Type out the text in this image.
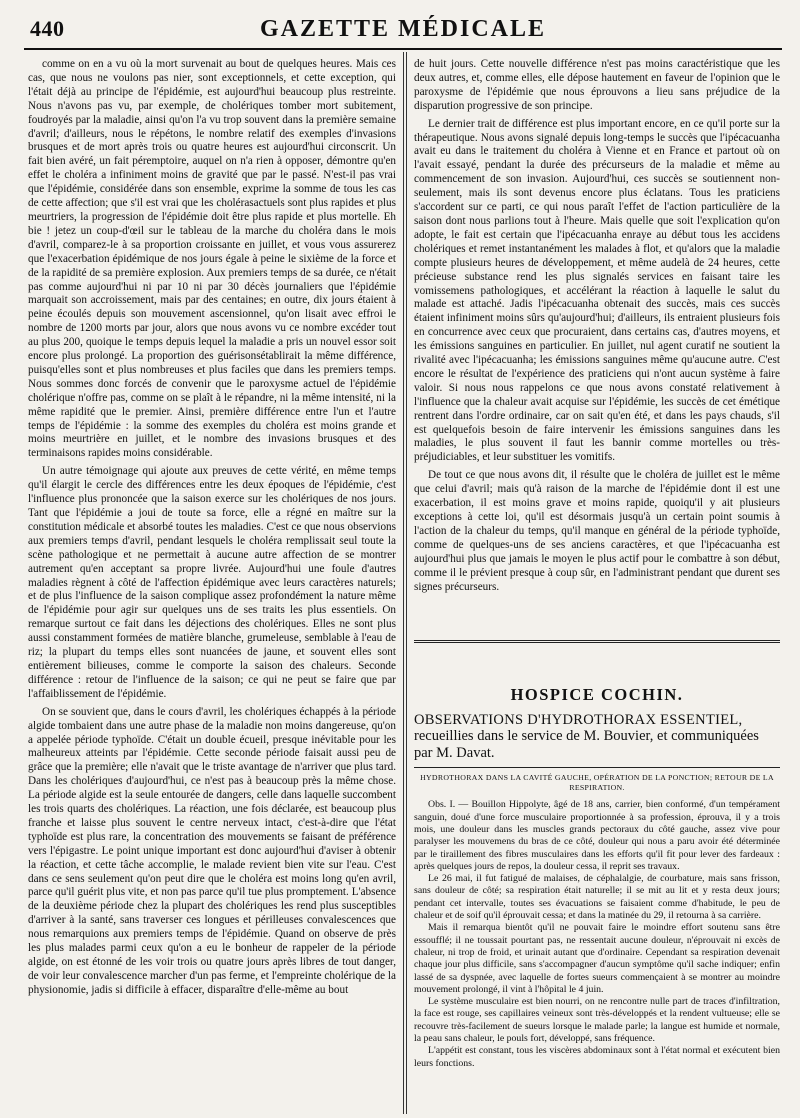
440	GAZETTE MÉDICALE

comme on en a vu où la mort survenait au bout de quelques heures. Mais ces cas, que nous ne voulons pas nier, sont exceptionnels, et cette exception, qui l'était déjà au principe de l'épidémie, est aujourd'hui beaucoup plus restreinte. Nous n'avons pas vu, par exemple, de cholériques tomber mort subitement, foudroyés par la maladie, ainsi qu'on l'a vu trop souvent dans la première semaine d'avril; d'ailleurs, nous le répétons, le nombre relatif des exemples d'invasions brusques et de mort après trois ou quatre heures est aujourd'hui circonscrit. Un fait bien avéré, un fait péremptoire, auquel on n'a rien à opposer, démontre qu'en effet le choléra a infiniment moins de gravité que par le passé. N'est-il pas vrai que l'épidémie, considérée dans son ensemble, exprime la somme de tous les cas de cette affection; que s'il est vrai que les cholérasactuels sont plus rapides et plus meurtriers, la progression de l'épidémie doit être plus rapide et plus mortelle. Eh bie ! jetez un coup-d'œil sur le tableau de la marche du choléra dans le mois d'avril, comparez-le à sa proportion croissante en juillet, et vous vous assurerez que l'exacerbation épidémique de nos jours égale à peine le sixième de la force et de la rapidité de sa première explosion. Aux premiers temps de sa durée, ce n'était pas comme aujourd'hui ni par 10 ni par 30 décès journaliers que l'épidémie marquait son accroissement, mais par des centaines; en outre, dix jours étaient à peine écoulés depuis son mouvement ascensionnel, qu'on lisait avec effroi le nombre de 1200 morts par jour, alors que nous avons vu ce nombre excéder tout au plus 200, quoique le temps depuis lequel la maladie a pris un nouvel essor soit encore plus prolongé. La proportion des guérisonsétablirait la même différence, puisqu'elles sont et plus nombreuses et plus faciles que dans les premiers temps. Nous sommes donc forcés de convenir que le paroxysme actuel de l'épidémie cholérique n'offre pas, comme on se plaît à le répandre, ni la même intensité, ni la même rapidité que le premier. Ainsi, première différence entre l'un et l'autre temps de l'épidémie : la somme des exemples du choléra est moins grande et moins meurtrière en juillet, et le nombre des invasions brusques et des terminaisons rapides moins considérable.

Un autre témoignage qui ajoute aux preuves de cette vérité, en même temps qu'il élargit le cercle des différences entre les deux époques de l'épidémie, c'est l'influence plus prononcée que la saison exerce sur les cholériques de nos jours. Tant que l'épidémie a joui de toute sa force, elle a régné en maître sur la constitution médicale et absorbé toutes les maladies. C'est ce que nous observions aux premiers temps d'avril, pendant lesquels le choléra remplissait seul toute la scène pathologique et ne permettait à aucune autre affection de se montrer autrement qu'en acceptant sa propre livrée. Aujourd'hui une foule d'autres maladies règnent à côté de l'affection épidémique avec leurs caractères naturels; et de plus l'influence de la saison complique assez profondément la nature même de l'épidémie pour agir sur quelques uns de ses traits les plus essentiels. On remarque surtout ce fait dans les déjections des cholériques. Elles ne sont plus aussi constamment formées de matière blanche, grumeleuse, semblable à l'eau de riz; la plupart du temps elles sont nuancées de jaune, et souvent elles sont entièrement bilieuses, comme le comporte la saison des chaleurs. Seconde différence : retour de l'influence de la saison; ce qui ne peut se faire que par l'affaiblissement de l'épidémie.

On se souvient que, dans le cours d'avril, les cholériques échappés à la période algide tombaient dans une autre phase de la maladie non moins dangereuse, qu'on a appelée période typhoïde. C'était un double écueil, presque inévitable pour les malheureux atteints par l'épidémie. Cette seconde période faisait aussi peu de grâce que la première; elle n'avait que le triste avantage de n'arriver que plus tard. Dans les cholériques d'aujourd'hui, ce n'est pas à beaucoup près la même chose. La période algide est la seule entourée de dangers, celle dans laquelle succombent les trois quarts des cholériques. La réaction, une fois déclarée, est beaucoup plus franche et laisse plus souvent le centre nerveux intact, c'est-à-dire que l'état typhoïde est plus rare, la concentration des mouvements se faisant de préférence vers l'épigastre. Le point unique important est donc aujourd'hui d'aviser à obtenir la réaction, et cette tâche accomplie, le malade revient bien vite sur l'eau. C'est dans ce sens seulement qu'on peut dire que le choléra est moins long qu'en avril, parce qu'il guérit plus vite, et non pas parce qu'il tue plus promptement. L'absence de la deuxième période chez la plupart des cholériques les rend plus susceptibles d'arriver à la santé, sans traverser ces longues et périlleuses convalescences que nous remarquions aux premiers temps de l'épidémie. Quand on observe de près les plus malades parmi ceux qu'on a eu le bonheur de rappeler de la période algide, on est étonné de les voir trois ou quatre jours après libres de tout danger, de voir leur convalescence marcher d'un pas ferme, et l'empreinte cholérique de la physionomie, jadis si difficile à effacer, disparaître d'elle-même au bout

de huit jours. Cette nouvelle différence n'est pas moins caractéristique que les deux autres, et, comme elles, elle dépose hautement en faveur de l'opinion que le paroxysme de l'épidémie que nous éprouvons a lieu sans préjudice de la disparution progressive de son principe.

Le dernier trait de différence est plus important encore, en ce qu'il porte sur la thérapeutique. Nous avons signalé depuis long-temps le succès que l'ipécacuanha avait eu dans le traitement du choléra à Vienne et en France et partout où on l'avait essayé, pendant la durée des précurseurs de la maladie et même au commencement de son invasion. Aujourd'hui, ces succès se soutiennent non-seulement, mais ils sont devenus encore plus éclatans. Tous les praticiens s'accordent sur ce parti, ce qui nous paraît l'effet de l'action particulière de la saison dont nous parlions tout à l'heure. Mais quelle que soit l'explication qu'on adopte, le fait est certain que l'ipécacuanha enraye au début tous les accidens cholériques et remet instantanément les malades à flot, et qu'alors que la maladie compte plusieurs heures de développement, et même audelà de 24 heures, cette précieuse substance rend les plus signalés services en faisant taire les vomissemens pathologiques, et accélérant la réaction à laquelle le salut du malade est attaché. Jadis l'ipécacuanha obtenait des succès, mais ces succès étaient infiniment moins sûrs qu'aujourd'hui; d'ailleurs, ils entraient plusieurs fois en concurrence avec ceux que procuraient, dans certains cas, d'autres moyens, et les émissions sanguines en particulier. En juillet, nul agent curatif ne soutient la rivalité avec l'ipécacuanha; les émissions sanguines même qu'aucune autre. C'est encore le résultat de l'expérience des praticiens qui n'ont aucun système à faire valoir. Si nous nous rappelons ce que nous avons constaté relativement à l'influence que la chaleur avait acquise sur l'épidémie, les succès de cet émétique rentrent dans l'ordre ordinaire, car on sait qu'en été, et dans les pays chauds, s'il est quelquefois besoin de faire intervenir les émissions sanguines dans les maladies, le plus souvent il faut les bannir comme mortelles ou très-préjudiciables, et leur substituer les vomitifs.

De tout ce que nous avons dit, il résulte que le choléra de juillet est le même que celui d'avril; mais qu'à raison de la marche de l'épidémie dont il est une exacerbation, il est moins grave et moins rapide, quoiqu'il y ait plusieurs exceptions à cette loi, qu'il est désormais jusqu'à un certain point soumis à l'action de la chaleur du temps, qu'il manque en général de la période typhoïde, comme de quelques-uns de ses anciens caractères, et que l'ipécacuanha est aujourd'hui plus que jamais le moyen le plus actif pour le combattre à son début, comme il le prévient presque à coup sûr, en l'administrant pendant que durent ses signes précurseurs.

HOSPICE COCHIN.
OBSERVATIONS D'HYDROTHORAX ESSENTIEL, recueillies dans le service de M. Bouvier, et communiquées par M. Davat.
HYDROTHORAX DANS LA CAVITÉ GAUCHE, OPÉRATION DE LA PONCTION; RETOUR DE LA RESPIRATION.

Obs. I. — Bouillon Hippolyte, âgé de 18 ans, carrier, bien conformé, d'un tempérament sanguin, doué d'une force musculaire proportionnée à sa profession, éprouva, il y a trois mois, une douleur dans les muscles grands pectoraux du côté gauche, assez vive pour paralyser les mouvemens du bras de ce côté, douleur qui nous a paru avoir été déterminée par le tiraillement des fibres musculaires dans les efforts qu'il fit pour lever des fardeaux : après quelques jours de repos, la douleur cessa, il reprit ses travaux.

Le 26 mai, il fut fatigué de malaises, de céphalalgie, de courbature, mais sans frisson, sans douleur de côté; sa respiration était naturelle; il se mit au lit et y resta deux jours; pendant cet intervalle, toutes ses évacuations se faisaient comme d'habitude, le peu de chaleur et de soif qu'il éprouvait cessa; et dans la matinée du 29, il retourna à sa carrière.

Mais il remarqua bientôt qu'il ne pouvait faire le moindre effort soutenu sans être essoufflé; il ne toussait pourtant pas, ne ressentait aucune douleur, n'éprouvait ni excès de chaleur, ni trop de froid, et urinait autant que d'ordinaire. Cependant sa respiration devenait chaque jour plus difficile, sans s'accompagner d'aucun symptôme qu'il sache indiquer; enfin lassé de sa dyspnée, avec laquelle de fortes sueurs commençaient à se montrer au moindre mouvement prolongé, il vint à l'hôpital le 4 juin.

Le système musculaire est bien nourri, on ne rencontre nulle part de traces d'infiltration, la face est rouge, ses capillaires veineux sont très-développés et la rendent vultueuse; elle se recouvre très-facilement de sueurs lorsque le malade parle; la langue est humide et normale, la peau sans chaleur, le pouls fort, développé, sans fréquence.

L'appétit est constant, tous les viscères abdominaux sont à l'état normal et exécutent bien leurs fonctions.
